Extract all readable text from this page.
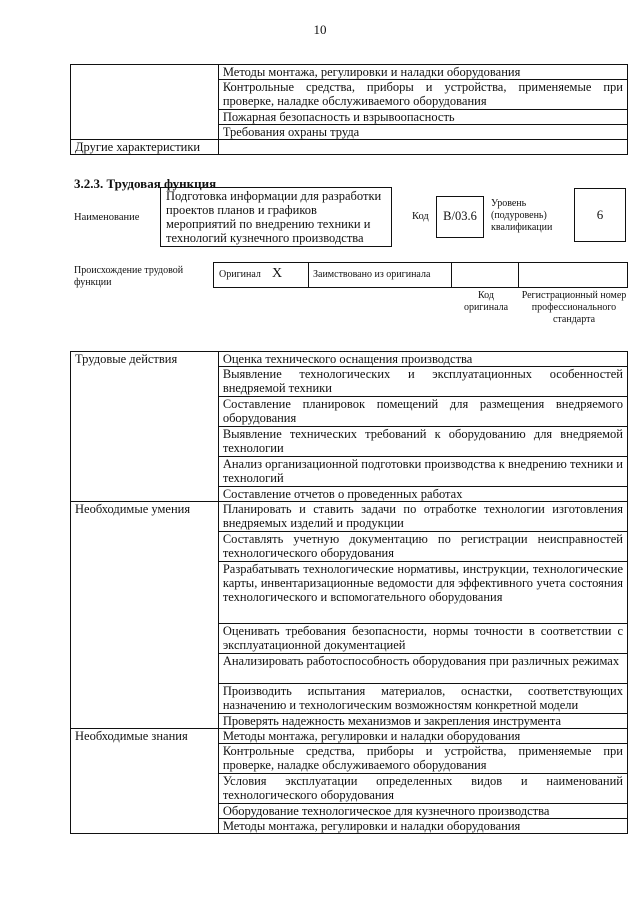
10
	Методы монтажа, регулировки и наладки оборудования
	Контрольные средства, приборы и устройства, применяемые при проверке, наладке обслуживаемого оборудования
	Пожарная безопасность и взрывоопасность
	Требования охраны труда
Другие характеристики	
3.2.3. Трудовая функция
Наименование
Подготовка информации для разработки проектов планов и графиков мероприятий по внедрению техники и технологий кузнечного производства
Код	B/03.6
Уровень (подуровень) квалификации
6
Происхождение трудовой функции
Оригинал X	Заимствовано из оригинала
Код оригинала
Регистрационный номер профессионального стандарта
Трудовые действия	Оценка технического оснащения производства
	Выявление технологических и эксплуатационных особенностей внедряемой техники
	Составление планировок помещений для размещения внедряемого оборудования
	Выявление технических требований к оборудованию для внедряемой технологии
	Анализ организационной подготовки производства к внедрению техники и технологий
	Составление отчетов о проведенных работах
Необходимые умения	Планировать и ставить задачи по отработке технологии изготовления внедряемых изделий и продукции
	Составлять учетную документацию по регистрации неисправностей технологического оборудования
	Разрабатывать технологические нормативы, инструкции, технологические карты, инвентаризационные ведомости для эффективного учета состояния технологического и вспомогательного оборудования
	Оценивать требования безопасности, нормы точности в соответствии с эксплуатационной документацией
	Анализировать работоспособность оборудования при различных режимах
	Производить испытания материалов, оснастки, соответствующих назначению и технологическим возможностям конкретной модели
	Проверять надежность механизмов и закрепления инструмента
Необходимые знания	Методы монтажа, регулировки и наладки оборудования
	Контрольные средства, приборы и устройства, применяемые при проверке, наладке обслуживаемого оборудования
	Условия эксплуатации определенных видов и наименований технологического оборудования
	Оборудование технологическое для кузнечного производства
	Методы монтажа, регулировки и наладки оборудования
